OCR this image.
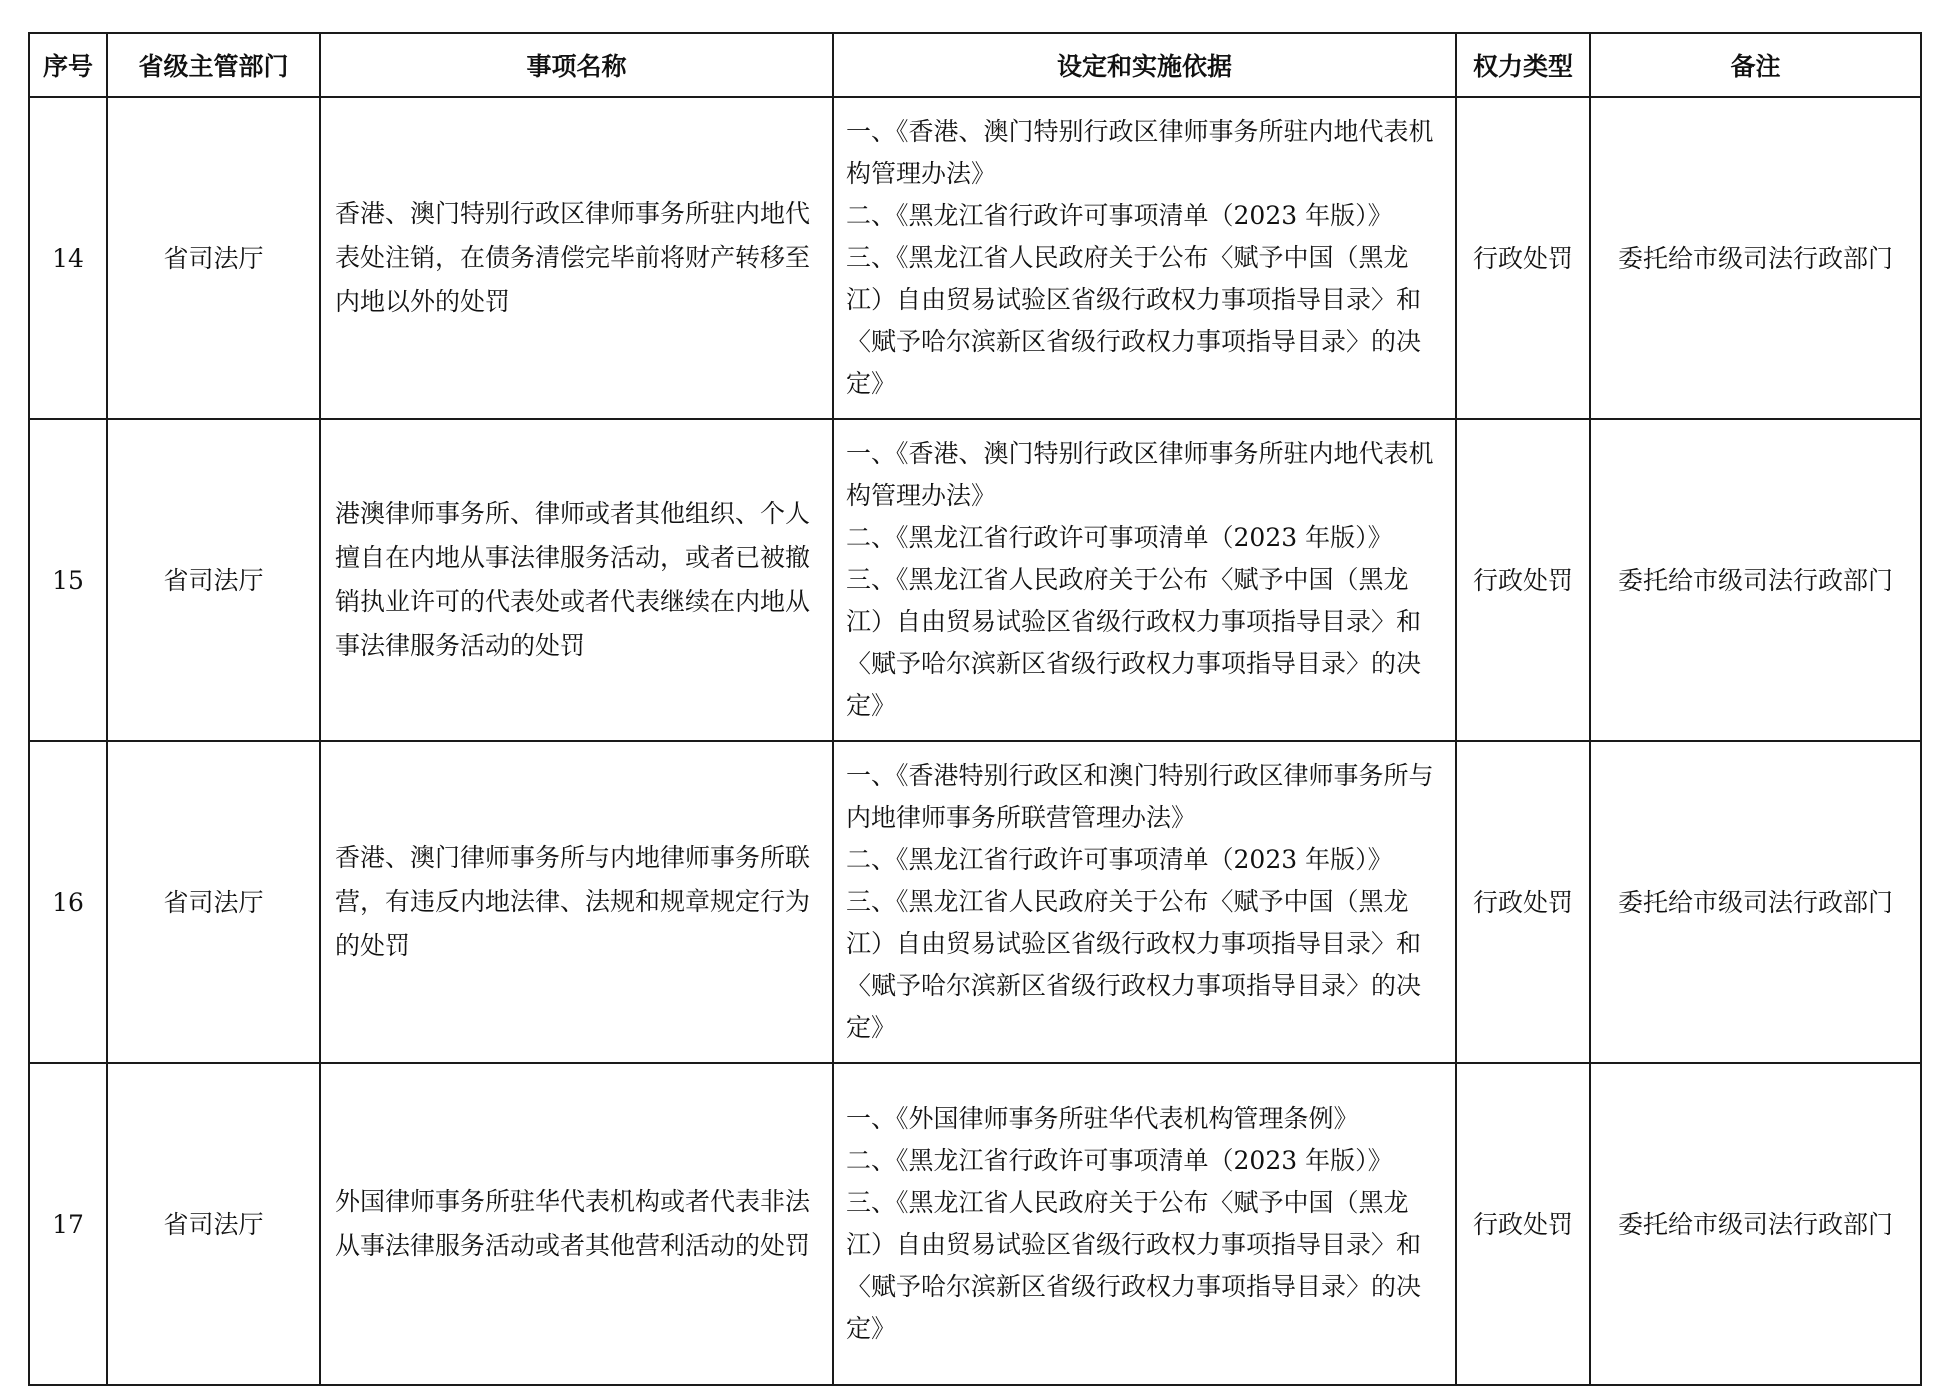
序号	省级主管部门	事项名称	设定和实施依据	权力类型	备注
14	省司法厅	香港、澳门特别行政区律师事务所驻内地代表处注销，在债务清偿完毕前将财产转移至内地以外的处罚	一、《香港、澳门特别行政区律师事务所驻内地代表机构管理办法》
二、《黑龙江省行政许可事项清单（2023 年版）》
三、《黑龙江省人民政府关于公布〈赋予中国（黑龙江）自由贸易试验区省级行政权力事项指导目录〉和〈赋予哈尔滨新区省级行政权力事项指导目录〉的决定》	行政处罚	委托给市级司法行政部门
15	省司法厅	港澳律师事务所、律师或者其他组织、个人擅自在内地从事法律服务活动，或者已被撤销执业许可的代表处或者代表继续在内地从事法律服务活动的处罚	一、《香港、澳门特别行政区律师事务所驻内地代表机构管理办法》
二、《黑龙江省行政许可事项清单（2023 年版）》
三、《黑龙江省人民政府关于公布〈赋予中国（黑龙江）自由贸易试验区省级行政权力事项指导目录〉和〈赋予哈尔滨新区省级行政权力事项指导目录〉的决定》	行政处罚	委托给市级司法行政部门
16	省司法厅	香港、澳门律师事务所与内地律师事务所联营，有违反内地法律、法规和规章规定行为的处罚	一、《香港特别行政区和澳门特别行政区律师事务所与内地律师事务所联营管理办法》
二、《黑龙江省行政许可事项清单（2023 年版）》
三、《黑龙江省人民政府关于公布〈赋予中国（黑龙江）自由贸易试验区省级行政权力事项指导目录〉和〈赋予哈尔滨新区省级行政权力事项指导目录〉的决定》	行政处罚	委托给市级司法行政部门
17	省司法厅	外国律师事务所驻华代表机构或者代表非法从事法律服务活动或者其他营利活动的处罚	一、《外国律师事务所驻华代表机构管理条例》
二、《黑龙江省行政许可事项清单（2023 年版）》
三、《黑龙江省人民政府关于公布〈赋予中国（黑龙江）自由贸易试验区省级行政权力事项指导目录〉和〈赋予哈尔滨新区省级行政权力事项指导目录〉的决定》	行政处罚	委托给市级司法行政部门
